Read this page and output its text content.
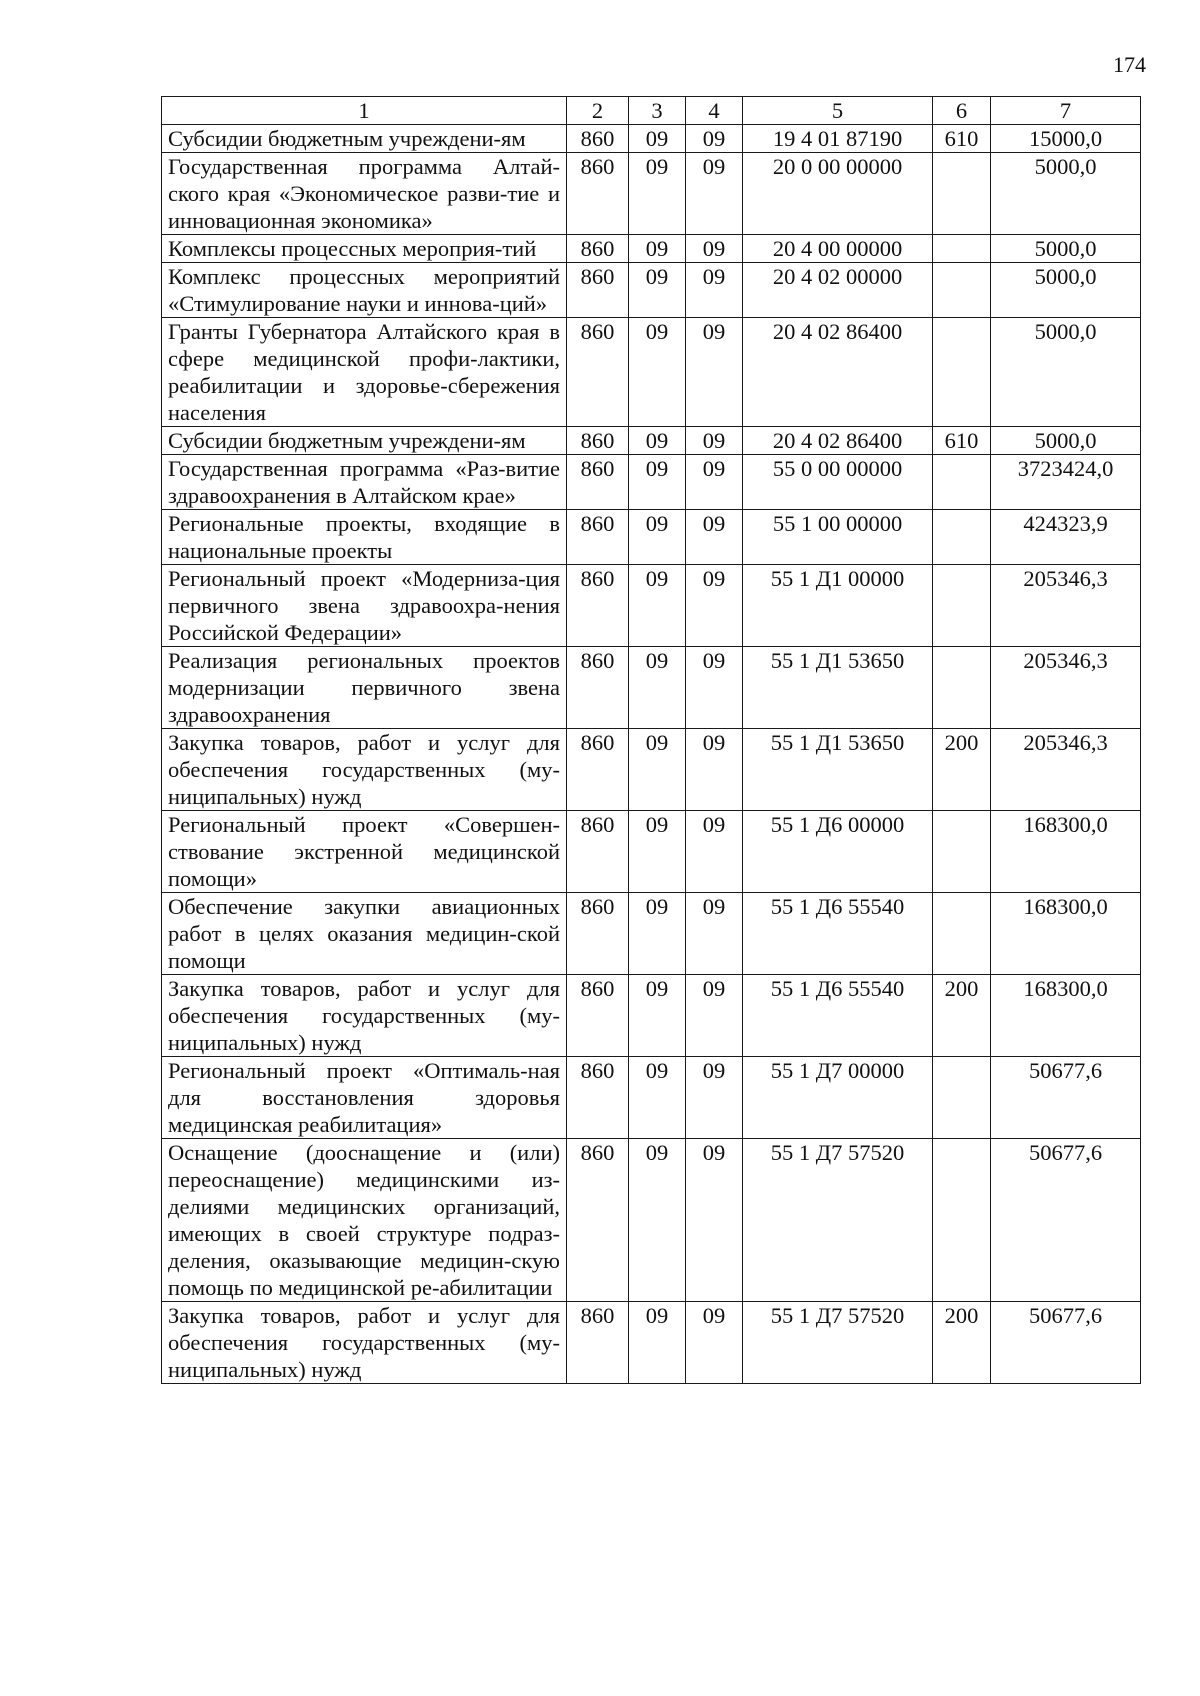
174
1	2	3	4	5	6	7
Субсидии бюджетным учреждени-ям	860	09	09	19 4 01 87190	610	15000,0
Государственная программа Алтай-ского края «Экономическое разви-тие и инновационная экономика»	860	09	09	20 0 00 00000		5000,0
Комплексы процессных мероприя-тий	860	09	09	20 4 00 00000		5000,0
Комплекс процессных мероприятий «Стимулирование науки и иннова-ций»	860	09	09	20 4 02 00000		5000,0
Гранты Губернатора Алтайского края в сфере медицинской профи-лактики, реабилитации и здоровье-сбережения населения	860	09	09	20 4 02 86400		5000,0
Субсидии бюджетным учреждени-ям	860	09	09	20 4 02 86400	610	5000,0
Государственная программа «Раз-витие здравоохранения в Алтайском крае»	860	09	09	55 0 00 00000		3723424,0
Региональные проекты, входящие в национальные проекты	860	09	09	55 1 00 00000		424323,9
Региональный проект «Модерниза-ция первичного звена здравоохра-нения Российской Федерации»	860	09	09	55 1 Д1 00000		205346,3
Реализация региональных проектов модернизации первичного звена здравоохранения	860	09	09	55 1 Д1 53650		205346,3
Закупка товаров, работ и услуг для обеспечения государственных (му-ниципальных) нужд	860	09	09	55 1 Д1 53650	200	205346,3
Региональный проект «Совершен-ствование экстренной медицинской помощи»	860	09	09	55 1 Д6 00000		168300,0
Обеспечение закупки авиационных работ в целях оказания медицин-ской помощи	860	09	09	55 1 Д6 55540		168300,0
Закупка товаров, работ и услуг для обеспечения государственных (му-ниципальных) нужд	860	09	09	55 1 Д6 55540	200	168300,0
Региональный проект «Оптималь-ная для восстановления здоровья медицинская реабилитация»	860	09	09	55 1 Д7 00000		50677,6
Оснащение (дооснащение и (или) переоснащение) медицинскими из-делиями медицинских организаций, имеющих в своей структуре подраз-деления, оказывающие медицин-скую помощь по медицинской ре-абилитации	860	09	09	55 1 Д7 57520		50677,6
Закупка товаров, работ и услуг для обеспечения государственных (му-ниципальных) нужд	860	09	09	55 1 Д7 57520	200	50677,6
